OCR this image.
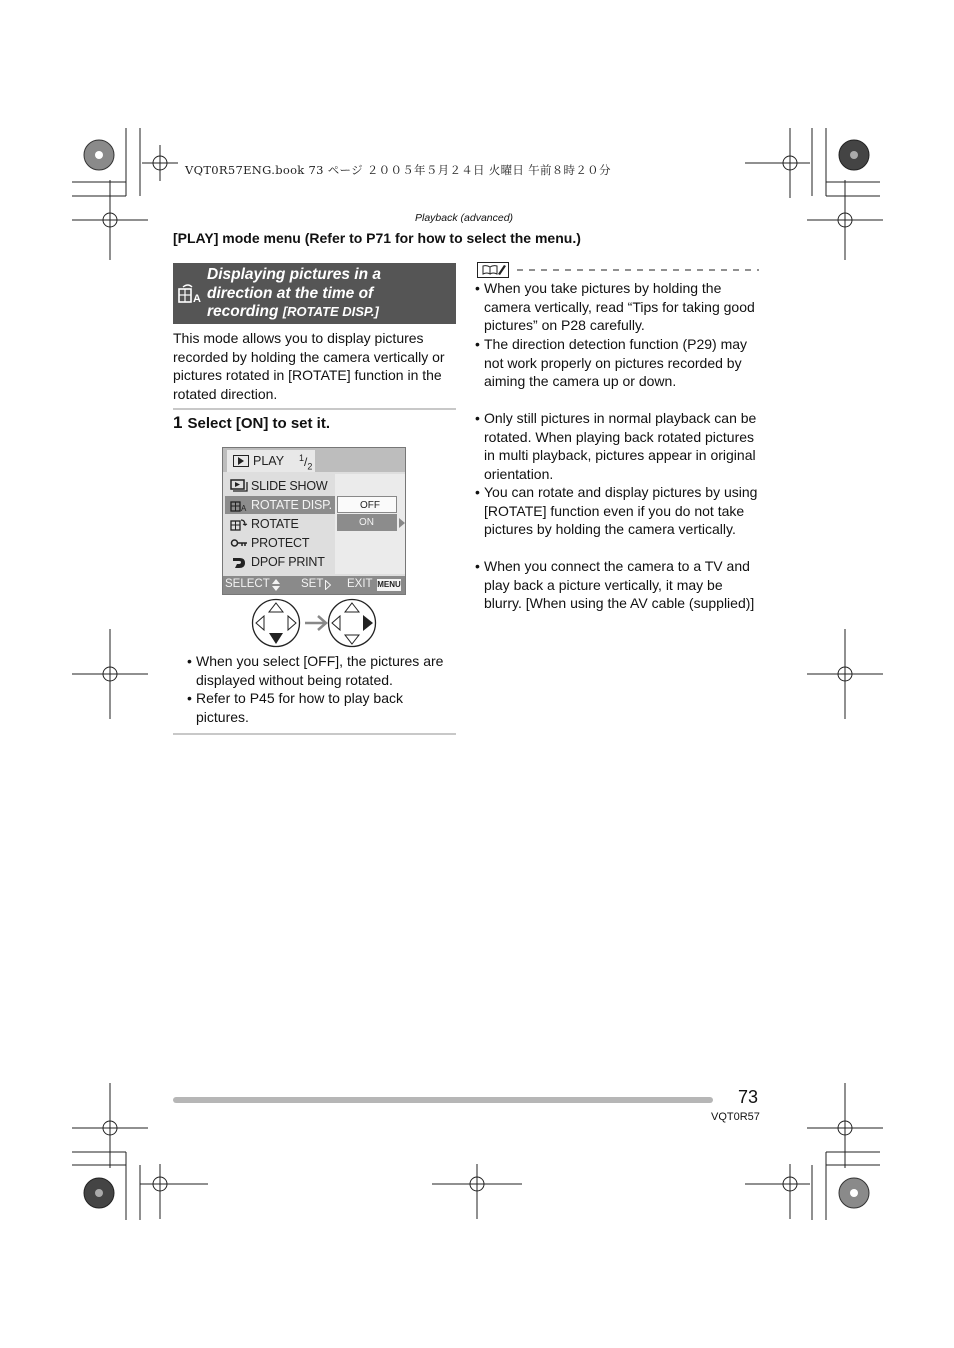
VQT0R57ENG.book 73 ページ ２００５年５月２４日 火曜日 午前８時２０分
Playback (advanced)
[PLAY] mode menu (Refer to P71 for how to select the menu.)
A
Displaying pictures in a
direction at the time of
recording [ROTATE DISP.]
This mode allows you to display pictures recorded by holding the camera vertically or pictures rotated in [ROTATE] function in the rotated direction.
1 Select [ON] to set it.
PLAY $^1/_2$
SLIDE SHOW
A ROTATE DISP.
ROTATE
PROTECT
DPOF PRINT
OFF
ON
SELECT	SET EXIT MENU
• When you select [OFF], the pictures are displayed without being rotated.
• Refer to P45 for how to play back pictures.
• When you take pictures by holding the camera vertically, read “Tips for taking good pictures” on P28 carefully.
• The direction detection function (P29) may not work properly on pictures recorded by aiming the camera up or down.
• Only still pictures in normal playback can be rotated. When playing back rotated pictures in multi playback, pictures appear in original orientation.
• You can rotate and display pictures by using [ROTATE] function even if you do not take pictures by holding the camera vertically.
• When you connect the camera to a TV and play back a picture vertically, it may be blurry. [When using the AV cable (supplied)]
73
VQT0R57
